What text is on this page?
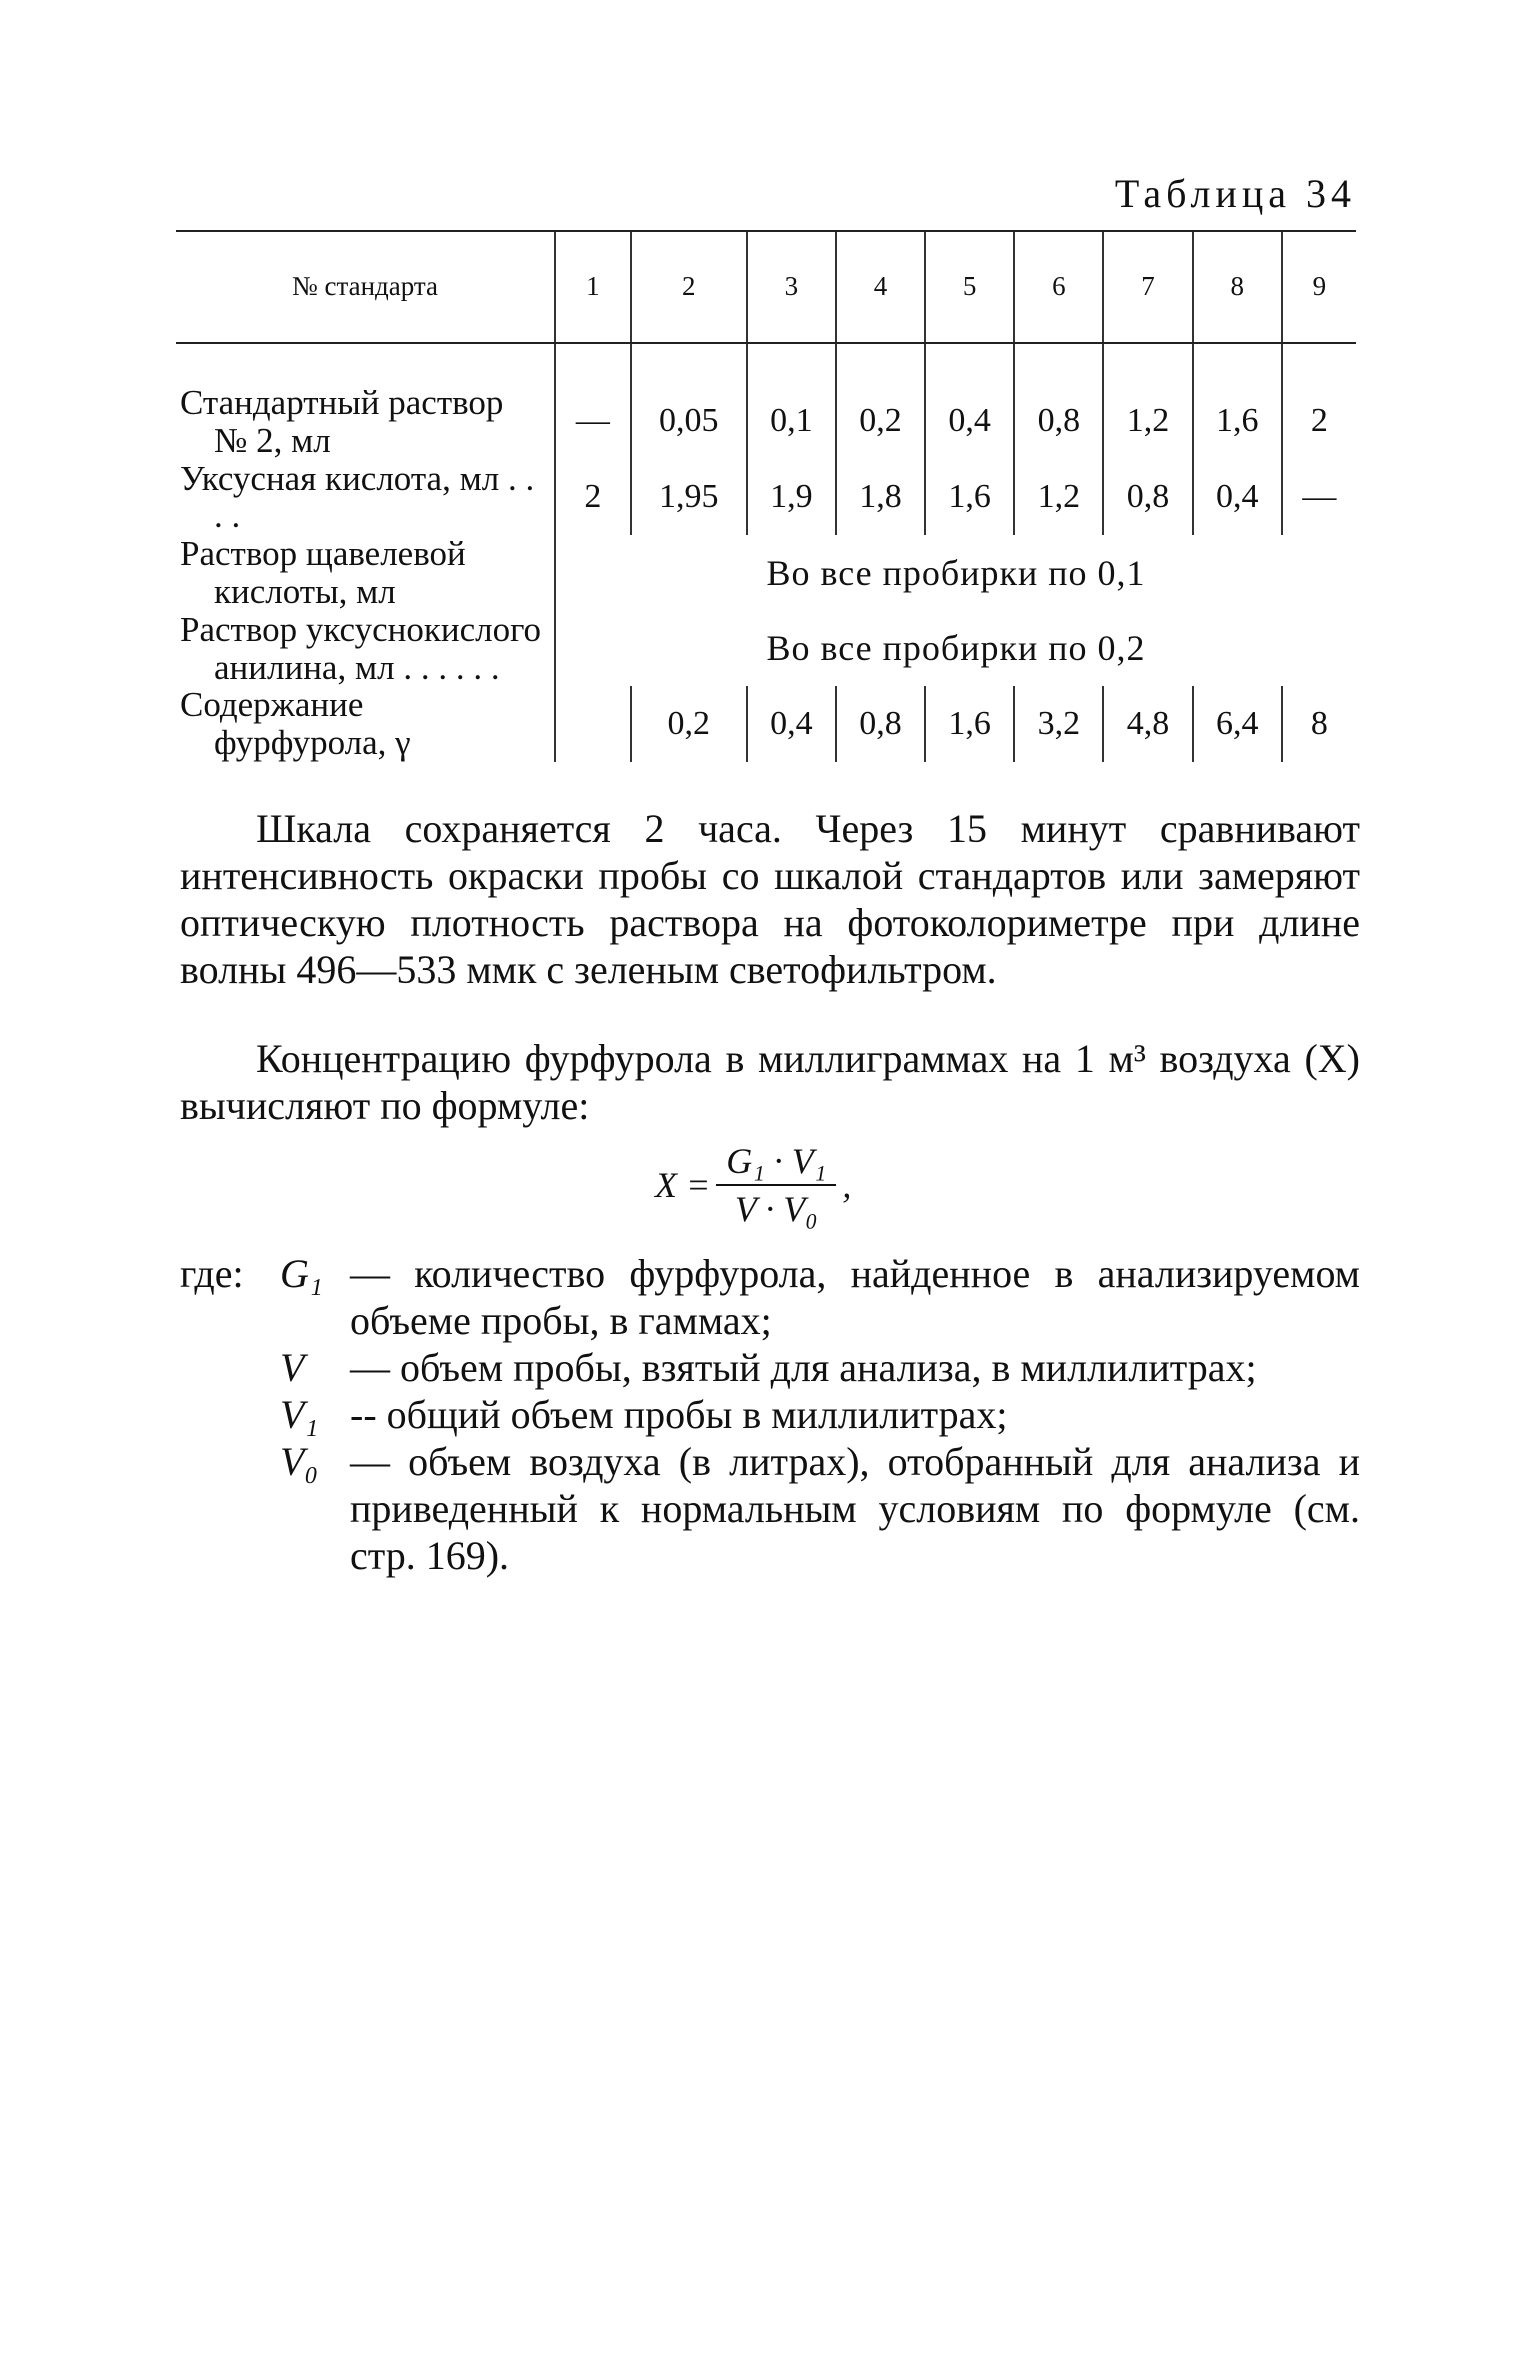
Таблица 34
№ стандарта	1	2	3	4	5	6	7	8	9
Стандартный раствор № 2, мл	—	0,05	0,1	0,2	0,4	0,8	1,2	1,6	2
Уксусная кислота, мл . . . .	2	1,95	1,9	1,8	1,6	1,2	0,8	0,4	—
Раствор щавелевой кислоты, мл	Во все пробирки по 0,1								
Раствор уксуснокислого анилина, мл . . . . . .	Во все пробирки по 0,2								
Содержание фурфурола, γ		0,2	0,4	0,8	1,6	3,2	4,8	6,4	8
Шкала сохраняется 2 часа. Через 15 минут сравнивают интенсивность окраски пробы со шкалой стандартов или замеряют оптическую плотность раствора на фотоколориметре при длине волны 496—533 ммк с зеленым светофильтром.
Концентрацию фурфурола в миллиграммах на 1 м³ воздуха (X) вычисляют по формуле:
$X = \frac{\text{G₁ · V₁}}{\text{V · V₀}}$ ,
где: G₁ — количество фурфурола, найденное в анализируемом объеме пробы, в гаммах;
V	— объем пробы, взятый для анализа, в миллилитрах;
V₁ -- общий объем пробы в миллилитрах;
V₀ — объем воздуха (в литрах), отобранный для анализа и приведенный к нормальным условиям по формуле (см. стр. 169).
